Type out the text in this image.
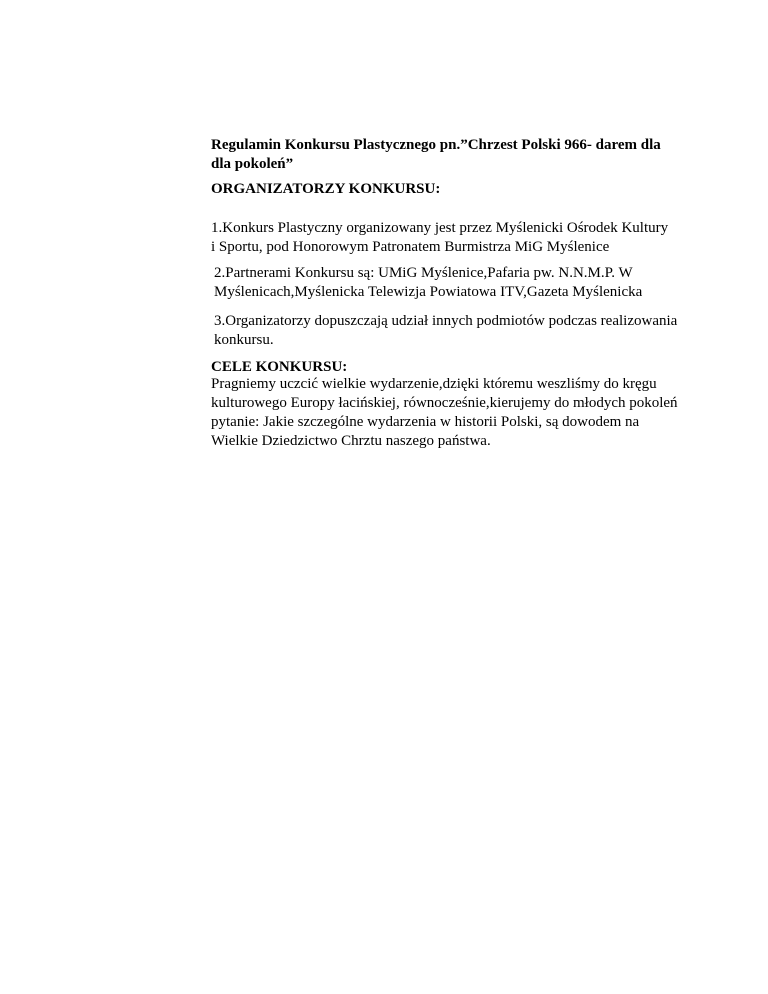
Regulamin Konkursu Plastycznego pn.”Chrzest Polski 966- darem dla
dla pokoleń”
ORGANIZATORZY KONKURSU:

1.Konkurs Plastyczny organizowany jest przez Myślenicki Ośrodek Kultury
i Sportu, pod Honorowym Patronatem Burmistrza MiG Myślenice

2.Partnerami Konkursu są: UMiG Myślenice,Pafaria pw. N.N.M.P. W
Myślenicach,Myślenicka Telewizja Powiatowa ITV,Gazeta Myślenicka

3.Organizatorzy dopuszczają udział innych podmiotów podczas realizowania
konkursu.

CELE KONKURSU:

Pragniemy uczcić wielkie wydarzenie,dzięki któremu weszliśmy do kręgu
kulturowego Europy łacińskiej, równocześnie,kierujemy do młodych pokoleń
pytanie: Jakie szczególne wydarzenia w historii Polski, są dowodem na
Wielkie Dziedzictwo Chrztu naszego państwa.
